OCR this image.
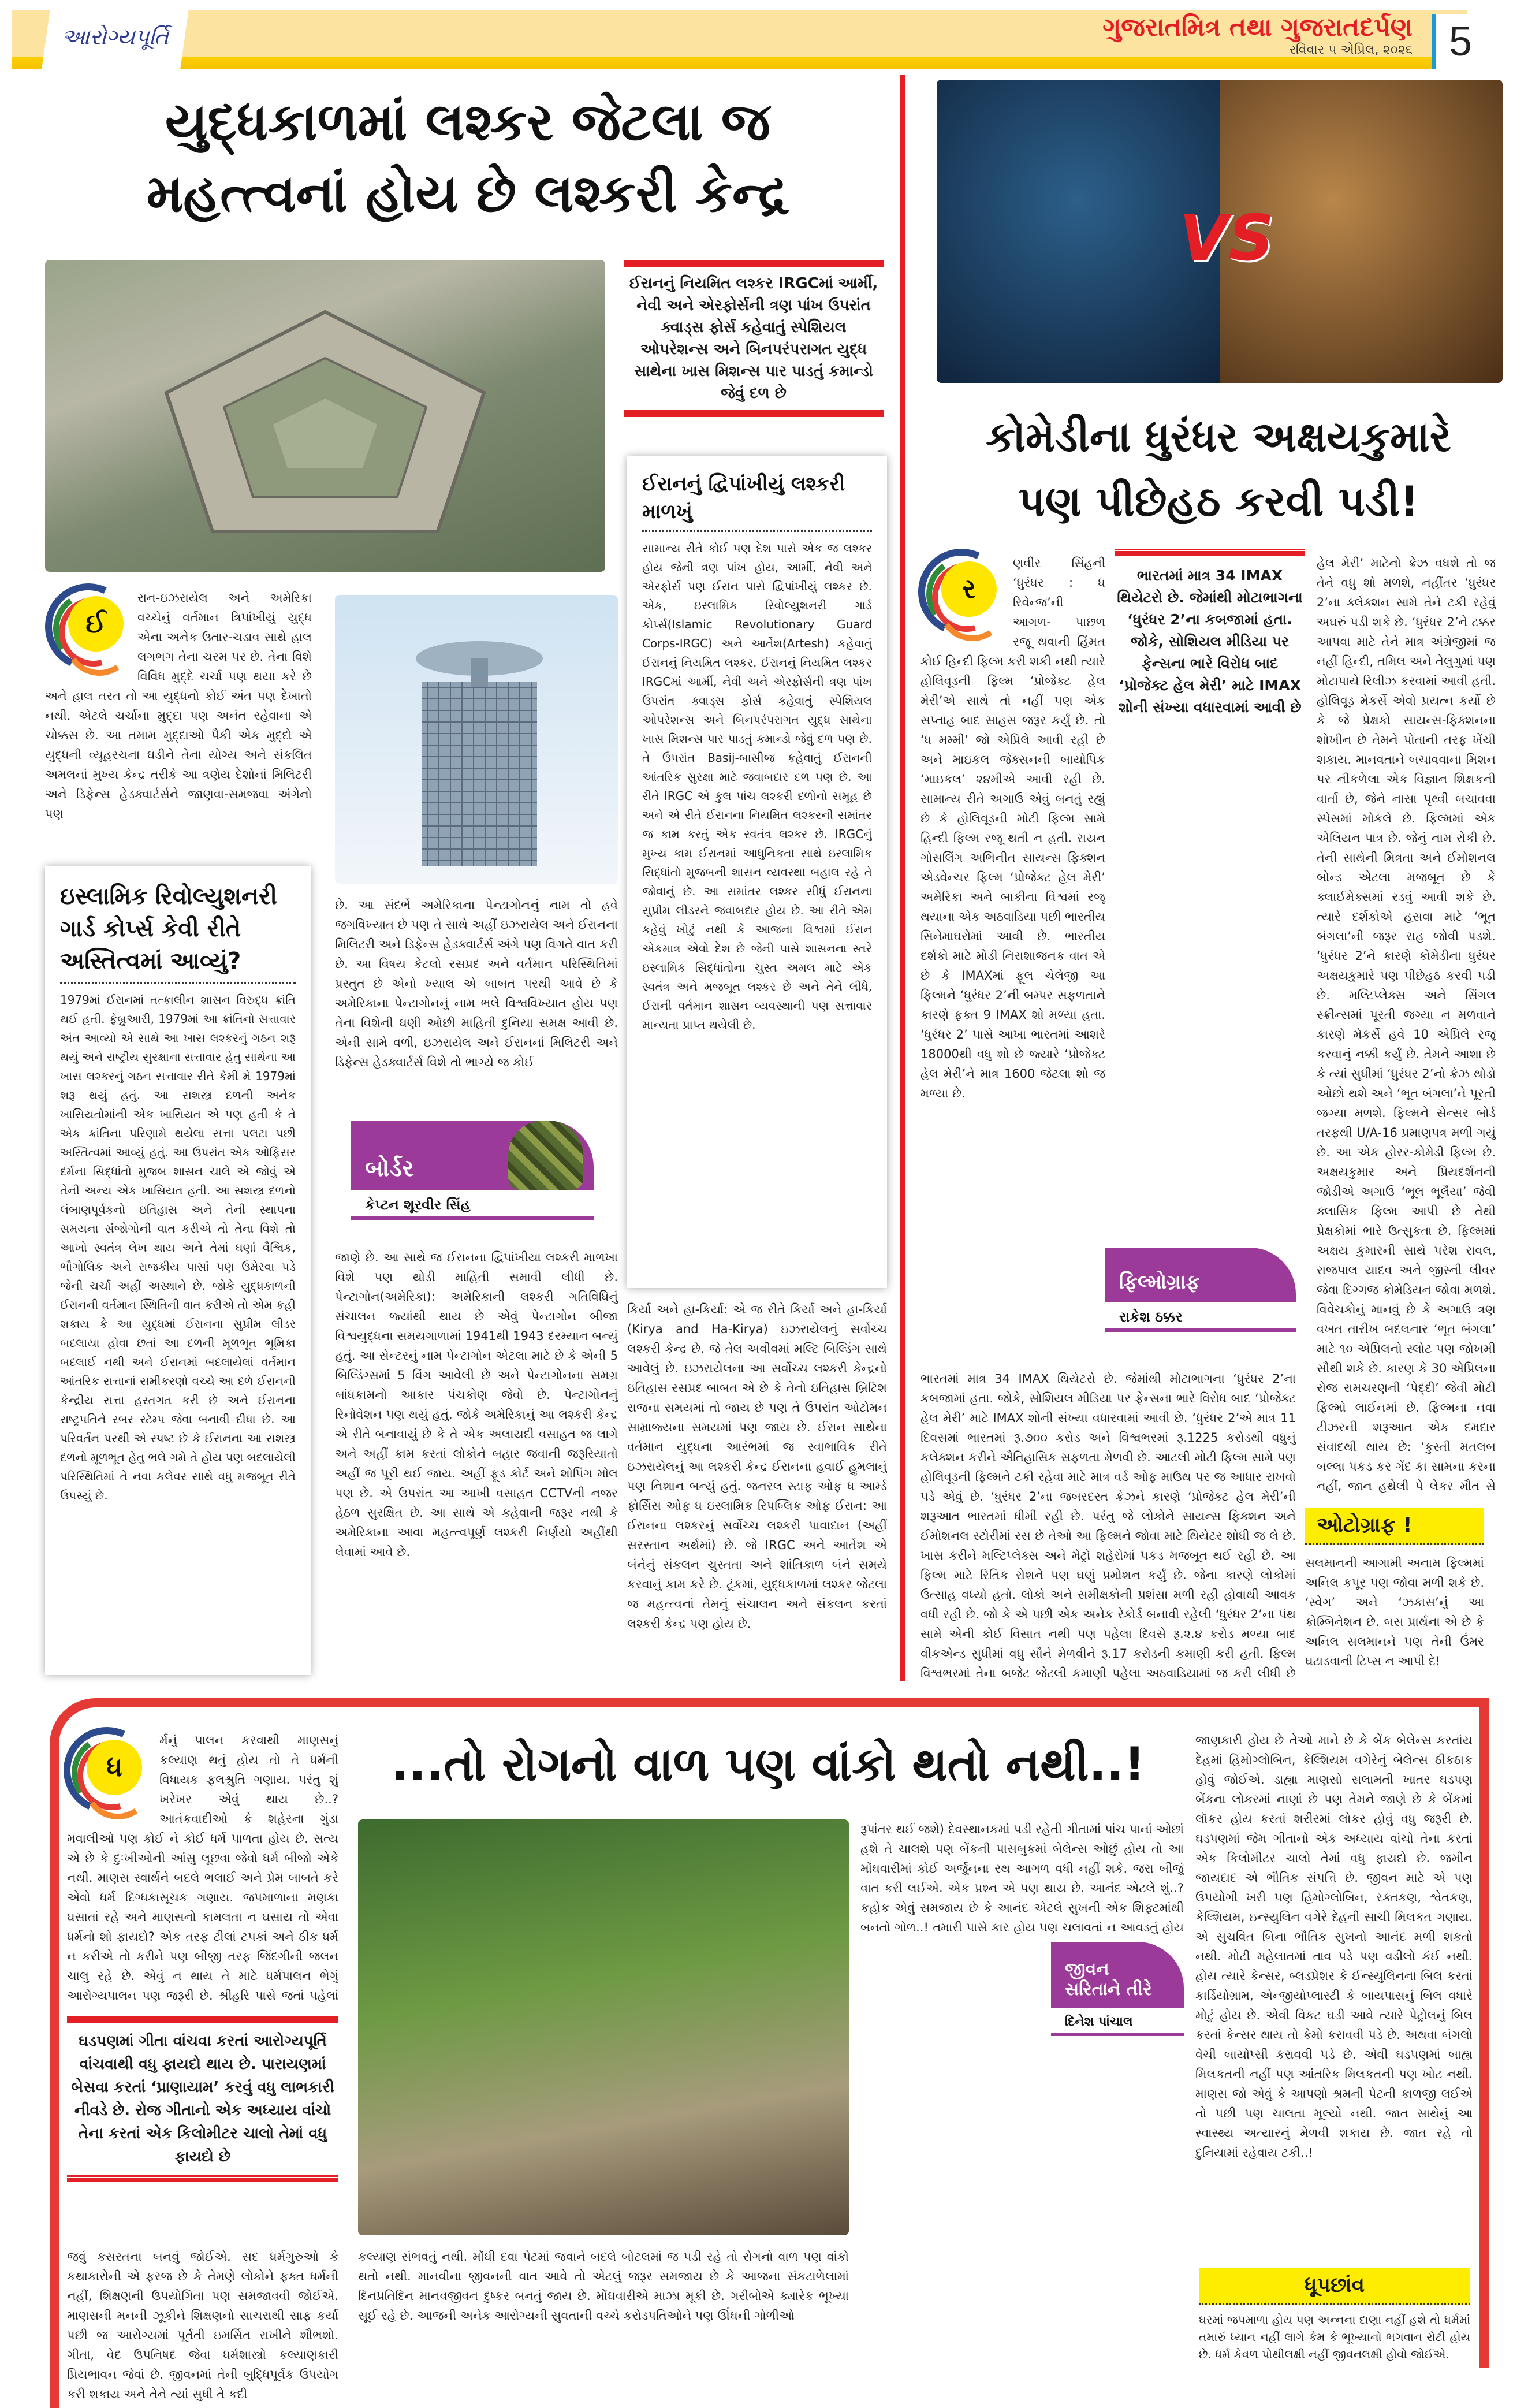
આરોગ્યપૂર્તિ	ગુજરાતમિત્ર તથા ગુજરાતદર્પણ
રવિવાર ૫ એપ્રિલ, ૨૦૨૬ 5
યુદ્ધકાળમાં લશ્કર જેટલા જ
મહત્ત્વનાં હોય છે લશ્કરી કેન્દ્ર
ઈરાનનું નિયમિત લશ્કર IRGCમાં આર્મી, નેવી અને એરફોર્સની ત્રણ પાંખ ઉપરાંત ક્વાડ્સ ફોર્સ કહેવાતું સ્પેશિયલ ઓપરેશન્સ અને બિનપરંપરાગત યુદ્ધ સાથેના ખાસ મિશન્સ પાર પાડતું કમાન્ડો જેવું દળ છે
ઈરાનનું દ્વિપાંખીયું લશ્કરી માળખું
સામાન્ય રીતે કોઈ પણ દેશ પાસે એક જ લશ્કર હોય જેની ત્રણ પાંખ હોય, આર્મી, નેવી અને એરફોર્સ પણ ઈરાન પાસે દ્વિપાંખીયું લશ્કર છે. એક, ઇસ્લામિક રિવોલ્યુશનરી ગાર્ડ કોર્પ્સ(Islamic Revolutionary Guard Corps-IRGC) અને આર્તેશ(Artesh) કહેવાતું ઈરાનનું નિયમિત લશ્કર. ઈરાનનું નિયમિત લશ્કર IRGCમાં આર્મી, નેવી અને એરફોર્સની ત્રણ પાંખ ઉપરાંત ક્વાડ્સ ફોર્સ કહેવાતું સ્પેશિયલ ઓપરેશન્સ અને બિનપરંપરાગત યુદ્ધ સાથેના ખાસ મિશન્સ પાર પાડતું કમાન્ડો જેવું દળ પણ છે. તે ઉપરાંત Basij-બાસીજ કહેવાતું ઈરાનની આંતરિક સુરક્ષા માટે જવાબદાર દળ પણ છે. આ રીતે IRGC એ કુલ પાંચ લશ્કરી દળોનો સમૂહ છે અને એ રીતે ઈરાનના નિયમિત લશ્કરની સમાંતર જ કામ કરતું એક સ્વતંત્ર લશ્કર છે. IRGCનું મુખ્ય કામ ઈરાનમાં આધુનિકતા સાથે ઇસ્લામિક સિદ્ધાંતો મુજબની શાસન વ્યવસ્થા બહાલ રહે તે જોવાનું છે. આ સમાંતર લશ્કર સીધું ઈરાનના સુપ્રીમ લીડરને જવાબદાર હોય છે. આ રીતે એમ કહેવું ખોટું નથી કે આજના વિશ્વમાં ઈરાન એકમાત્ર એવો દેશ છે જેની પાસે શાસનના સ્તરે ઇસ્લામિક સિદ્ધાંતોના ચુસ્ત અમલ માટે એક સ્વતંત્ર અને મજબૂત લશ્કર છે અને તેને લીધે, ઈરાની વર્તમાન શાસન વ્યવસ્થાની પણ સત્તાવાર માન્યતા પ્રાપ્ત થયેલી છે.
ઈ
રાન-ઇઝરાયેલ અને અમેરિકા વચ્ચેનું વર્તમાન ત્રિપાંખીયું યુદ્ધ એના અનેક ઉતાર-ચડાવ સાથે હાલ લગભગ તેના ચરમ પર છે. તેના વિશે વિવિધ મુદ્દે ચર્ચા પણ થયા કરે છે અને હાલ તરત તો આ યુદ્ધનો કોઈ અંત પણ દેખાતો નથી. એટલે ચર્ચાના મુદ્દા પણ અનંત રહેવાના એ ચોક્કસ છે. આ તમામ મુદ્દાઓ પૈકી એક મુદ્દો એ યુદ્ધની વ્યૂહરચના ઘડીને તેના યોગ્ય અને સંકલિત અમલનાં મુખ્ય કેન્દ્ર તરીકે આ ત્રણેય દેશોનાં મિલિટરી અને ડિફેન્સ હેડક્વાર્ટર્સને જાણવા-સમજવા અંગેનો પણ
ઇસ્લામિક રિવોલ્યુશનરી ગાર્ડ કોર્પ્સ કેવી રીતે અસ્તિત્વમાં આવ્યું?
1979માં ઈરાનમાં તત્કાલીન શાસન વિરુદ્ધ ક્રાંતિ થઈ હતી. ફેબ્રુઆરી, 1979માં આ ક્રાંતિનો સત્તાવાર અંત આવ્યો એ સાથે આ ખાસ લશ્કરનું ગઠન શરૂ થયું અને રાષ્ટ્રીય સુરક્ષાના સત્તાવાર હેતુ સાથેના આ ખાસ લશ્કરનું ગઠન સત્તાવાર રીતે કેમી મે 1979માં શરૂ થયું હતું. આ સશસ્ત્ર દળની અનેક ખાસિયતોમાંની એક ખાસિયત એ પણ હતી કે તે એક ક્રાંતિના પરિણામે થયેલા સત્તા પલટા પછી અસ્તિત્વમાં આવ્યું હતું. આ ઉપરાંત એક ઓફિસર દર્મના સિદ્ધાંતો મુજબ શાસન ચાલે એ જોવું એ તેની અન્ય એક ખાસિયત હતી. આ સશસ્ત્ર દળનો લંબાણપૂર્વકનો ઇતિહાસ અને તેની સ્થાપના સમયના સંજોગોની વાત કરીએ તો તેના વિશે તો આખો સ્વતંત્ર લેખ થાય અને તેમાં ઘણાં વૈશ્વિક, ભૌગોલિક અને રાજકીય પાસાં પણ ઉમેરવા પડે જેની ચર્ચા અહીં અસ્થાને છે. જોકે યુદ્ધકાળની ઈરાનની વર્તમાન સ્થિતિની વાત કરીએ તો એમ કહી શકાય કે આ યુદ્ધમાં ઈરાનના સુપ્રીમ લીડર બદલાયા હોવા છતાં આ દળની મૂળભૂત ભૂમિકા બદલાઈ નથી અને ઈરાનમાં બદલાયેલાં વર્તમાન આંતરિક સત્તાનાં સમીકરણો વચ્ચે આ દળે ઈરાનની કેન્દ્રીય સત્તા હસ્તગત કરી છે અને ઈરાનના રાષ્ટ્રપતિને રબર સ્ટેમ્પ જેવા બનાવી દીધા છે. આ પરિવર્તન પરથી એ સ્પષ્ટ છે કે ઈરાનના આ સશસ્ત્ર દળનો મૂળભૂત હેતુ ભલે ગમે તે હોય પણ બદલાયેલી પરિસ્થિતિમાં તે નવા કલેવર સાથે વધુ મજબૂત રીતે ઉપસ્યું છે.
છે. આ સંદર્ભે અમેરિકાના પેન્ટાગોનનું નામ તો હવે જગવિખ્યાત છે પણ તે સાથે અહીં ઇઝરાયેલ અને ઈરાનના મિલિટરી અને ડિફેન્સ હેડક્વાર્ટર્સ અંગે પણ વિગતે વાત કરી છે. આ વિષય કેટલો રસપ્રદ અને વર્તમાન પરિસ્થિતિમાં પ્રસ્તુત છે એનો ખ્યાલ એ બાબત પરથી આવે છે કે અમેરિકાના પેન્ટાગોનનું નામ ભલે વિશ્વવિખ્યાત હોય પણ તેના વિશેની ઘણી ઓછી માહિતી દુનિયા સમક્ષ આવી છે. એની સામે વળી, ઇઝરાયેલ અને ઈરાનનાં મિલિટરી અને ડિફેન્સ હેડક્વાર્ટર્સ વિશે તો ભાગ્યે જ કોઈ
બોર્ડર
કેપ્ટન શૂરવીર સિંહ
જાણે છે. આ સાથે જ ઈરાનના દ્વિપાંખીયા લશ્કરી માળખા વિશે પણ થોડી માહિતી સમાવી લીધી છે. પેન્ટાગોન(અમેરિકા): અમેરિકાની લશ્કરી ગતિવિધિનું સંચાલન જ્યાંથી થાય છે એવું પેન્ટાગોન બીજા વિશ્વયુદ્ધના સમયગાળામાં 1941થી 1943 દરમ્યાન બન્યું હતું. આ સેન્ટરનું નામ પેન્ટાગોન એટલા માટે છે કે એની 5 બિલ્ડિંગ્સમાં 5 વિંગ આવેલી છે અને પેન્ટાગોનના સમગ્ર બાંધકામનો આકાર પંચકોણ જેવો છે. પેન્ટાગોનનું રિનોવેશન પણ થયું હતું. જોકે અમેરિકાનું આ લશ્કરી કેન્દ્ર એ રીતે બનાવાયું છે કે તે એક અલાયદી વસાહત જ લાગે અને અહીં કામ કરતાં લોકોને બહાર જવાની જરૂરિયાતો અહીં જ પૂરી થઈ જાય. અહીં ફૂડ કોર્ટ અને શોપિંગ મોલ પણ છે. એ ઉપરાંત આ આખી વસાહત CCTVની નજર હેઠળ સુરક્ષિત છે. આ સાથે એ કહેવાની જરૂર નથી કે અમેરિકાના આવા મહત્ત્વપૂર્ણ લશ્કરી નિર્ણયો અહીંથી લેવામાં આવે છે.
કિર્યા અને હા-કિર્યા: એ જ રીતે કિર્યા અને હા-કિર્યા (Kirya and Ha-Kirya) ઇઝરાયેલનું સર્વોચ્ચ લશ્કરી કેન્દ્ર છે. જે તેલ અવીવમાં મલ્ટિ બિલ્ડિંગ સાથે આવેલું છે. ઇઝરાયેલના આ સર્વોચ્ચ લશ્કરી કેન્દ્રનો ઇતિહાસ રસપ્રદ બાબત એ છે કે તેનો ઇતિહાસ બ્રિટિશ રાજના સમયમાં તો જાય છે પણ તે ઉપરાંત ઓટોમન સામ્રાજ્યના સમયમાં પણ જાય છે. ઈરાન સાથેના વર્તમાન યુદ્ધના આરંભમાં જ સ્વાભાવિક રીતે ઇઝરાયેલનું આ લશ્કરી કેન્દ્ર ઈરાનના હવાઈ હુમલાનું પણ નિશાન બન્યું હતું. જનરલ સ્ટાફ ઓફ ધ આર્મ્ડ ફોર્સિસ ઓફ ધ ઇસ્લામિક રિપબ્લિક ઓફ ઈરાન: આ ઈરાનના લશ્કરનું સર્વોચ્ચ લશ્કરી પાવાદાન (અહીં સરસ્તાન અર્થમાં) છે. જે IRGC અને આર્તેશ એ બંનેનું સંકલન ચુસ્તતા અને શાંતિકાળ બંને સમયે કરવાનું કામ કરે છે. ટૂંકમાં, યુદ્ધકાળમાં લશ્કર જેટલા જ મહત્ત્વનાં તેમનું સંચાલન અને સંકલન કરતાં લશ્કરી કેન્દ્ર પણ હોય છે.
VS
કોમેડીના ધુરંધર અક્ષયકુમારે
પણ પીછેહઠ કરવી પડી!
ર
ણવીર સિંહની ‘ધુરંધર : ધ રિવેન્જ’ની આગળ- પાછળ રજૂ થવાની હિંમત કોઈ હિન્દી ફિલ્મ કરી શકી નથી ત્યારે હોલિવૂડની ફિલ્મ ‘પ્રોજેક્ટ હેલ મેરી’એ સાથે તો નહીં પણ એક સપ્તાહ બાદ સાહસ જરૂર કર્યું છે. તો ‘ધ મમ્મી’ જો એપ્રિલે આવી રહી છે અને માઇકલ જેક્સનની બાયોપિક ‘માઇકલ’ ૨૪મીએ આવી રહી છે. સામાન્ય રીતે અગાઉ એવું બનતું રહ્યું છે કે હોલિવૂડની મોટી ફિલ્મ સામે હિન્દી ફિલ્મ રજૂ થતી ન હતી. રાયન ગોસલિંગ અભિનીત સાયન્સ ફિક્શન એડવેન્ચર ફિલ્મ ‘પ્રોજેક્ટ હેલ મેરી’ અમેરિકા અને બાકીના વિશ્વમાં રજૂ થયાના એક અઠવાડિયા પછી ભારતીય સિનેમાઘરોમાં આવી છે. ભારતીય દર્શકો માટે મોડી નિરાશાજનક વાત એ છે કે IMAXમાં ફૂલ ચેલેજી આ ફિલ્મને ‘ધુરંધર 2’ની બમ્પર સફળતાને કારણે ફક્ત 9 IMAX શો મળ્યા હતા. ‘ધુરંધર 2’ પાસે આખા ભારતમાં આશરે 18000થી વધુ શો છે જ્યારે ‘પ્રોજેક્ટ હેલ મેરી’ને માત્ર 1600 જેટલા શો જ મળ્યા છે.
ભારતમાં માત્ર 34 IMAX થિયેટરો છે. જેમાંથી મોટાભાગના ‘ધુરંધર 2’ના કબજામાં હતા. જોકે, સોશિયલ મીડિયા પર ફેન્સના ભારે વિરોધ બાદ ‘પ્રોજેક્ટ હેલ મેરી’ માટે IMAX શોની સંખ્યા વધારવામાં આવી છે
ફિલ્મોગ્રાફ
રાકેશ ઠક્કર
ભારતમાં માત્ર 34 IMAX થિયેટરો છે. જેમાંથી મોટાભાગના ‘ધુરંધર 2’ના કબજામાં હતા. જોકે, સોશિયલ મીડિયા પર ફેન્સના ભારે વિરોધ બાદ ‘પ્રોજેક્ટ હેલ મેરી’ માટે IMAX શોની સંખ્યા વધારવામાં આવી છે. ‘ધુરંધર 2’એ માત્ર 11 દિવસમાં ભારતમાં રૂ.૭૦૦ કરોડ અને વિશ્વભરમાં રૂ.1225 કરોડથી વધુનું કલેક્શન કરીને ઐતિહાસિક સફળતા મેળવી છે. આટલી મોટી ફિલ્મ સામે પણ હોલિવૂડની ફિલ્મને ટકી રહેવા માટે માત્ર વર્ડ ઓફ માઉથ પર જ આધાર રાખવો પડે એવું છે. ‘ધુરંધર 2’ના જબરદસ્ત ક્રેઝને કારણે ‘પ્રોજેક્ટ હેલ મેરી’ની શરૂઆત ભારતમાં ધીમી રહી છે. પરંતુ જે લોકોને સાયન્સ ફિક્શન અને ઈમોશનલ સ્ટોરીમાં રસ છે તેઓ આ ફિલ્મને જોવા માટે થિયેટર શોધી જ લે છે. ખાસ કરીને મલ્ટિપ્લેક્સ અને મેટ્રો શહેરોમાં પકડ મજબૂત થઈ રહી છે. આ ફિલ્મ માટે રિતિક રોશને પણ ઘણું પ્રમોશન કર્યું છે. જેના કારણે લોકોમાં ઉત્સાહ વધ્યો હતો. લોકો અને સમીક્ષકોની પ્રશંસા મળી રહી હોવાથી આવક વધી રહી છે. જો કે એ પછી એક અનેક રેકોર્ડ બનાવી રહેલી ‘ધુરંધર 2’ના પંથ સામે એની કોઈ વિસાત નથી પણ પહેલા દિવસે રૂ.૨.૪ કરોડ મળ્યા બાદ વીકએન્ડ સુધીમાં વધુ સૌને મેળવીને રૂ.17 કરોડની કમાણી કરી હતી. ફિલ્મ વિશ્વભરમાં તેના બજેટ જેટલી કમાણી પહેલા અઠવાડિયામાં જ કરી લીધી છે
હેલ મેરી’ માટેનો ક્રેઝ વધશે તો જ તેને વધુ શો મળશે, નહીંતર ‘ધુરંધર 2’ના ક્લેક્શન સામે તેને ટકી રહેવું અઘરું પડી શકે છે. ‘ધુરંધર 2’ને ટક્કર આપવા માટે તેને માત્ર અંગ્રેજીમાં જ નહીં હિન્દી, તમિલ અને તેલુગુમાં પણ મોટાપાયે રિલીઝ કરવામાં આવી હતી. હોલિવૂડ મેકર્સે એવો પ્રયત્ન કર્યો છે કે જે પ્રેક્ષકો સાયન્સ-ફિક્શનના શોખીન છે તેમને પોતાની તરફ ખેંચી શકાય. માનવતાને બચાવવાના મિશન પર નીકળેલા એક વિજ્ઞાન શિક્ષકની વાર્તા છે, જેને નાસા પૃથ્વી બચાવવા સ્પેસમાં મોકલે છે. ફિલ્મમાં એક એલિયન પાત્ર છે. જેનું નામ રોકી છે. તેની સાથેની મિત્રતા અને ઈમોશનલ બોન્ડ એટલા મજબૂત છે કે ક્લાઈમેક્સમાં રડવું આવી શકે છે. ત્યારે દર્શકોએ હસવા માટે ‘ભૂત બંગલા’ની જરૂર રાહ જોવી પડશે. ‘ધુરંધર 2’ને કારણે કોમેડીના ધુરંધર અક્ષયકુમારે પણ પીછેહઠ કરવી પડી છે. મલ્ટિપ્લેક્સ અને સિંગલ સ્ક્રીન્સમાં પૂરતી જગ્યા ન મળવાને કારણે મેકર્સે હવે 10 એપ્રિલે રજૂ કરવાનું નક્કી કર્યું છે. તેમને આશા છે કે ત્યાં સુધીમાં ‘ધુરંધર 2’નો ક્રેઝ થોડો ઓછો થશે અને ‘ભૂત બંગલા’ને પૂરતી જગ્યા મળશે. ફિલ્મને સેન્સર બોર્ડ તરફથી U/A-16 પ્રમાણપત્ર મળી ગયું છે. આ એક હોરર-કોમેડી ફિલ્મ છે. અક્ષયકુમાર અને પ્રિયદર્શનની જોડીએ અગાઉ ‘ભૂલ ભૂલૈયા’ જેવી ક્લાસિક ફિલ્મ આપી છે તેથી પ્રેક્ષકોમાં ભારે ઉત્સુકતા છે. ફિલ્મમાં અક્ષય કુમારની સાથે પરેશ રાવલ, રાજપાલ યાદવ અને જીસ્ની લીવર જેવા દિગ્ગજ કોમેડિયન જોવા મળશે. વિવેચકોનું માનવું છે કે અગાઉ ત્રણ વખત તારીખ બદલનાર ‘ભૂત બંગલા’ માટે ૧૦ એપ્રિલનો સ્લોટ પણ જોખમી સૌથી શકે છે. કારણ કે 30 એપ્રિલના રોજ રામચરણની ‘પેદ્દી’ જેવી મોટી ફિલ્મો લાઈનમાં છે. ફિલ્મના નવા ટીઝરની શરૂઆત એક દમદાર સંવાદથી થાય છે: ‘કુસ્તી મતલબ બલ્લા પકડ કર ગેંદ કા સામના કરના નહીં, જાન હથેલી પે લેકર મૌત સે
ઓટોગ્રાફ !
સલમાનની આગામી અનામ ફિલ્મમાં અનિલ કપૂર પણ જોવા મળી શકે છે. ‘સ્વેગ’ અને ‘ઝકાસ’નું આ કોમ્બિનેશન છે. બસ પ્રાર્થના એ છે કે અનિલ સલમાનને પણ તેની ઉંમર ઘટાડવાની ટિપ્સ ન આપી દે!
ધ
ર્મનું પાલન કરવાથી માણસનું કલ્યાણ થતું હોય તો તે ધર્મની વિધાયક ફલશ્રુતિ ગણાય. પરંતુ શું ખરેખર એવું થાય છે..? આતંકવાદીઓ કે શહેરના ગુંડા મવાલીઓ પણ કોઈ ને કોઈ ધર્મ પાળતા હોય છે. સત્ય એ છે કે દુઃખીઓની આંસુ લૂછવા જેવો ધર્મ બીજો એકે નથી. માણસ સ્વાર્થને બદલે ભલાઈ અને પ્રેમ બાબતે કરે એવો ધર્મ દિગ્ધકાસૂચક ગણાય. જપમાળાના મણકા ઘસાતાં રહે અને માણસનો કામલતા ન ઘસાય તો એવા ધર્મનો શો ફાયદો? એક તરફ ટીલાં ટપકાં અને ઠીક ધર્મ ન કરીએ તો કરીને પણ બીજી તરફ જિંદગીની જલન ચાલુ રહે છે. એવું ન થાય તે માટે ધર્મપાલન ભેગું આરોગ્યપાલન પણ જરૂરી છે. શ્રીહરિ પાસે જતાં પહેલાં
...તો રોગનો વાળ પણ વાંકો થતો નથી..!
ઘડપણમાં ગીતા વાંચવા કરતાં આરોગ્યપૂર્તિ વાંચવાથી વધુ ફાયદો થાય છે. પારાયણમાં બેસવા કરતાં ‘પ્રાણાયામ’ કરવું વધુ લાભકારી નીવડે છે. રોજ ગીતાનો એક અધ્યાય વાંચો તેના કરતાં એક કિલોમીટર ચાલો તેમાં વધુ ફાયદો છે
જવું કસરતના બનવું જોઈએ. સદ ધર્મગુરુઓ કે કથાકારોની એ ફરજ છે કે તેમણે લોકોને ફક્ત ધર્મની નહીં, શિક્ષણની ઉપયોગિતા પણ સમજાવવી જોઈએ. માણસની મનની ઝૂકીને શિક્ષણનો સાચરાથી સાફ કર્યા પછી જ આરોગ્યમાં પૂર્તતી ઇમર્સિત રાખીને શૌભશો. ગીતા, વેદ ઉપનિષદ જેવા ધર્મશાસ્ત્રો કલ્યાણકારી પ્રિયભાવન જેવાં છે. જીવનમાં તેની બુદ્ધિપૂર્વક ઉપયોગ કરી શકાય અને તેને ત્યાં સુધી તે કદી
કલ્યાણ સંભવતું નથી. મોંઘી દવા પેટમાં જવાને બદલે બોટલમાં જ પડી રહે તો રોગનો વાળ પણ વાંકો થતો નથી. માનવીના જીવનની વાત આવે તો એટલું જરૂર સમજાય છે કે આજના સંકટાળેલામાં દિનપ્રતિદિન માનવજીવન દુષ્કર બનતું જાય છે. મોંઘવારીએ માઝા મૂકી છે. ગરીબોએ ક્યારેક ભૂખ્યા સૂઈ રહે છે. આજની અનેક આરોગ્યની સુવતાની વચ્ચે કરોડપતિઓને પણ ઊંઘની ગોળીઓ
રૂપાંતર થઈ જશે) દેવસ્થાનકમાં પડી રહેતી ગીતામાં પાંચ પાનાં ઓછાં હશે તે ચાલશે પણ બેંકની પાસબુકમાં બેલેન્સ ઓછું હોય તો આ મોંઘવારીમાં કોઈ અર્જુનના રથ આગળ વધી નહીં શકે. જરા બીજું વાત કરી લઈએ. એક પ્રશ્ન એ પણ થાય છે. આનંદ એટલે શું..? કહોક એવું સમજાય છે કે આનંદ એટલે સુખની એક શિફ્ટમાંથી બનતો ગોળ..! તમારી પાસે કાર હોય પણ ચલાવતાં ન આવડતું હોય
જીવન
સરિતાને તીરે
દિનેશ પાંચાલ
જાણકારી હોય છે તેઓ માને છે કે બેંક બેલેન્સ કરતાંય દેહમાં હિમોગ્લોબિન, કેલ્શિયમ વગેરેનું બેલેન્સ ઠીકઠાક હોવું જોઈએ. ડાહ્યા માણસો સલામતી ખાતર ઘડપણ બેંકના લોકરમાં નાણાં છે પણ તેમને જાણે છે કે બેંકમાં લૉકર હોય કરતાં શરીરમાં લોકર હોવું વધુ જરૂરી છે. ઘડપણમાં જેમ ગીતાનો એક અધ્યાય વાંચો તેના કરતાં એક કિલોમીટર ચાલો તેમાં વધુ ફાયદો છે. જમીન જાયદાદ એ ભૌતિક સંપત્તિ છે. જીવન માટે એ પણ ઉપયોગી ખરી પણ હિમોગ્લોબિન, રક્તકણ, શ્વેતકણ, કેલ્શિયમ, ઇન્સ્યુલિન વગેરે દેહની સાચી મિલકત ગણાય. એ સુચવિત બિના ભૌતિક સુખનો આનંદ મળી શકતો નથી. મોટી મહેલાતમાં તાવ પડે પણ વડીલો કંઈ નથી. હોય ત્યારે કેન્સર, બ્લડપ્રેશર કે ઈન્સ્યુલિનના બિલ કરતાં કાર્ડિયોગ્રામ, એન્જીયોપ્લાસ્ટી કે બાયપાસનું બિલ વધારે મોટું હોય છે. એવી વિકટ ઘડી આવે ત્યારે પેટ્રોલનું બિલ કરતાં કેન્સર થાય તો કેમો કરાવવી પડે છે. અથવા બંગલો વેચી બાયોપ્સી કરાવવી પડે છે. એવી ઘડપણમાં બાહ્ય મિલકતની નહીં પણ આંતરિક મિલકતની પણ ખોટ નથી. માણસ જો એવું કે આપણો શ્રમની પેટની કાળજી લઈએ તો પછી પણ ચાલતા મૂલ્યો નથી. જાત સાથેનું આ સ્વાસ્થ્ય અત્યારનું મેળવી શકાય છે. જાત રહે તો દુનિયામાં રહેવાય ટકી..!
ધૂપછાંવ
ઘરમાં જપમાળા હોય પણ અન્નના દાણા નહીં હશે તો ધર્મમાં તમારું ધ્યાન નહીં લાગે કેમ કે ભૂખ્યાનો ભગવાન રોટી હોય છે. ધર્મ કેવળ પોથીલક્ષી નહીં જીવનલક્ષી હોવો જોઈએ.
